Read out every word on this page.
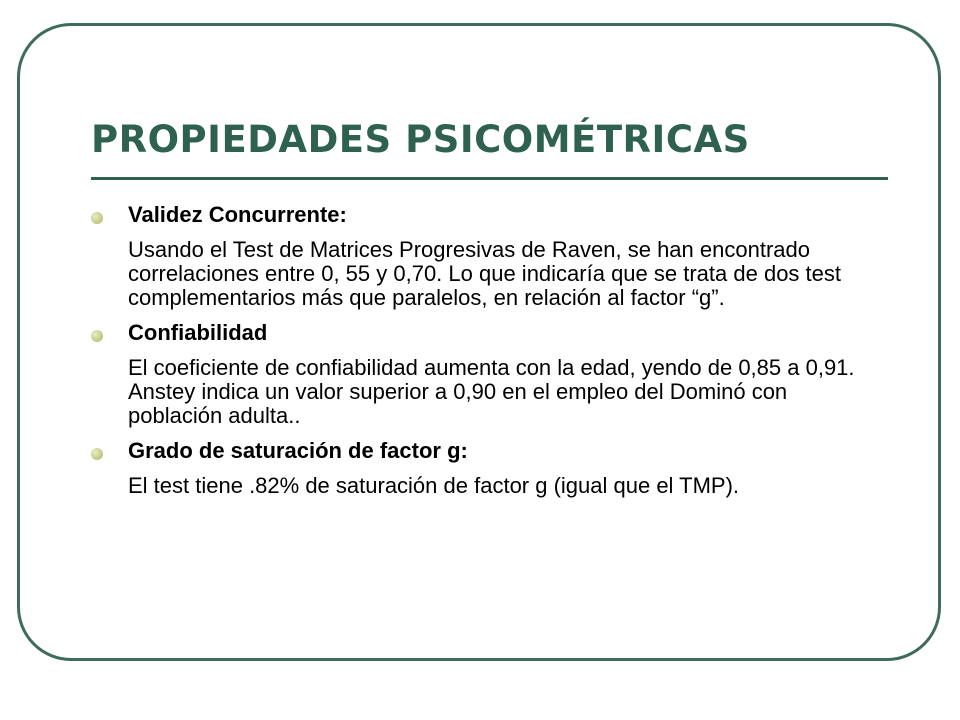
PROPIEDADES PSICOMÉTRICAS
Validez Concurrente:
Usando el Test de Matrices Progresivas de Raven, se han encontrado correlaciones entre 0, 55 y 0,70. Lo que indicaría que se trata de dos test complementarios más que paralelos, en relación al factor “g”.
Confiabilidad
El coeficiente de confiabilidad aumenta con la edad, yendo de 0,85 a 0,91. Anstey indica un valor superior a 0,90 en el empleo del Dominó con población adulta..
Grado de saturación de factor g:
El test tiene .82% de saturación de factor g (igual que el TMP).
